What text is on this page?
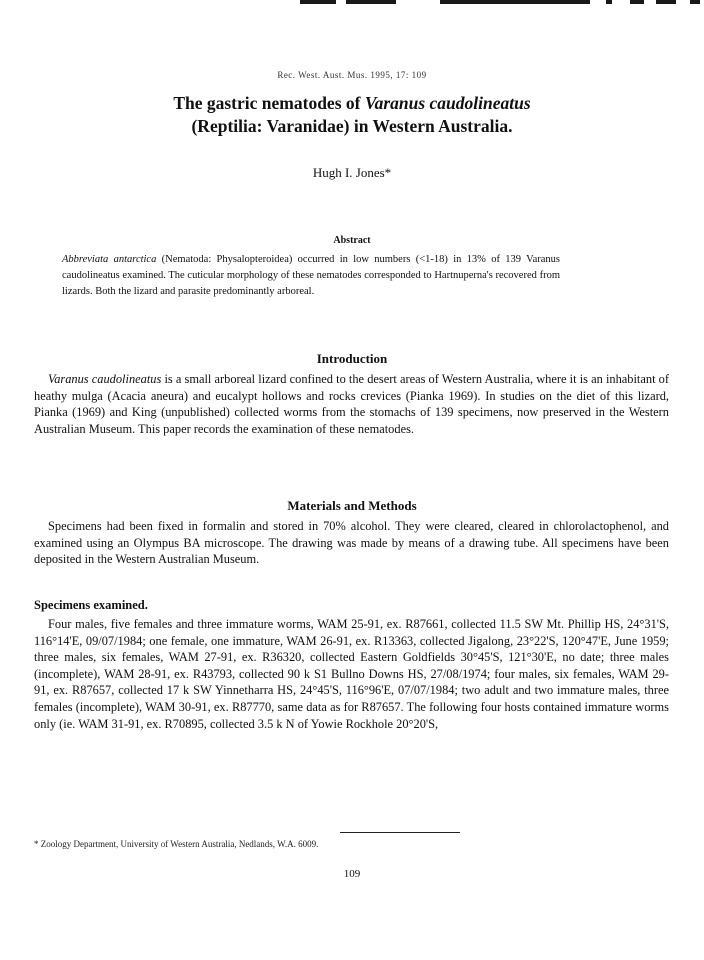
Rec. West. Aust. Mus. 1995, 17: 109
The gastric nematodes of Varanus caudolineatus
(Reptilia: Varanidae) in Western Australia.
Hugh I. Jones*
Abstract
Abbreviata antarctica (Nematoda: Physalopteroidea) occurred in low numbers (<1-18) in 13% of 139 Varanus caudolineatus examined. The cuticular morphology of these nematodes corresponded to Hartnuperna's recovered from lizards. Both the lizard and parasite predominantly arboreal.
Introduction
Varanus caudolineatus is a small arboreal lizard confined to the desert areas of Western Australia, where it is an inhabitant of heathy mulga (Acacia aneura) and eucalypt hollows and rocks crevices (Pianka 1969). In studies on the diet of this lizard, Pianka (1969) and King (unpublished) collected worms from the stomachs of 139 specimens, now preserved in the Western Australian Museum. This paper records the examination of these nematodes.
Materials and Methods
Specimens had been fixed in formalin and stored in 70% alcohol. They were cleared, cleared in chlorolactophenol, and examined using an Olympus BA microscope. The drawing was made by means of a drawing tube. All specimens have been deposited in the Western Australian Museum.
Specimens examined.
Four males, five females and three immature worms, WAM 25-91, ex. R87661, collected 11.5 SW Mt. Phillip HS, 24°31'S, 116°14'E, 09/07/1984; one female, one immature, WAM 26-91, ex. R13363, collected Jigalong, 23°22'S, 120°47'E, June 1959; three males, six females, WAM 27-91, ex. R36320, collected Eastern Goldfields 30°45'S, 121°30'E, no date; three males (incomplete), WAM 28-91, ex. R43793, collected 90 k S1 Bullno Downs HS, 27/08/1974; four males, six females, WAM 29-91, ex. R87657, collected 17 k SW Yinnetharra HS, 24°45'S, 116°96'E, 07/07/1984; two adult and two immature males, three females (incomplete), WAM 30-91, ex. R87770, same data as for R87657. The following four hosts contained immature worms only (ie. WAM 31-91, ex. R70895, collected 3.5 k N of Yowie Rockhole 20°20'S,
* Zoology Department, University of Western Australia, Nedlands, W.A. 6009.
109
